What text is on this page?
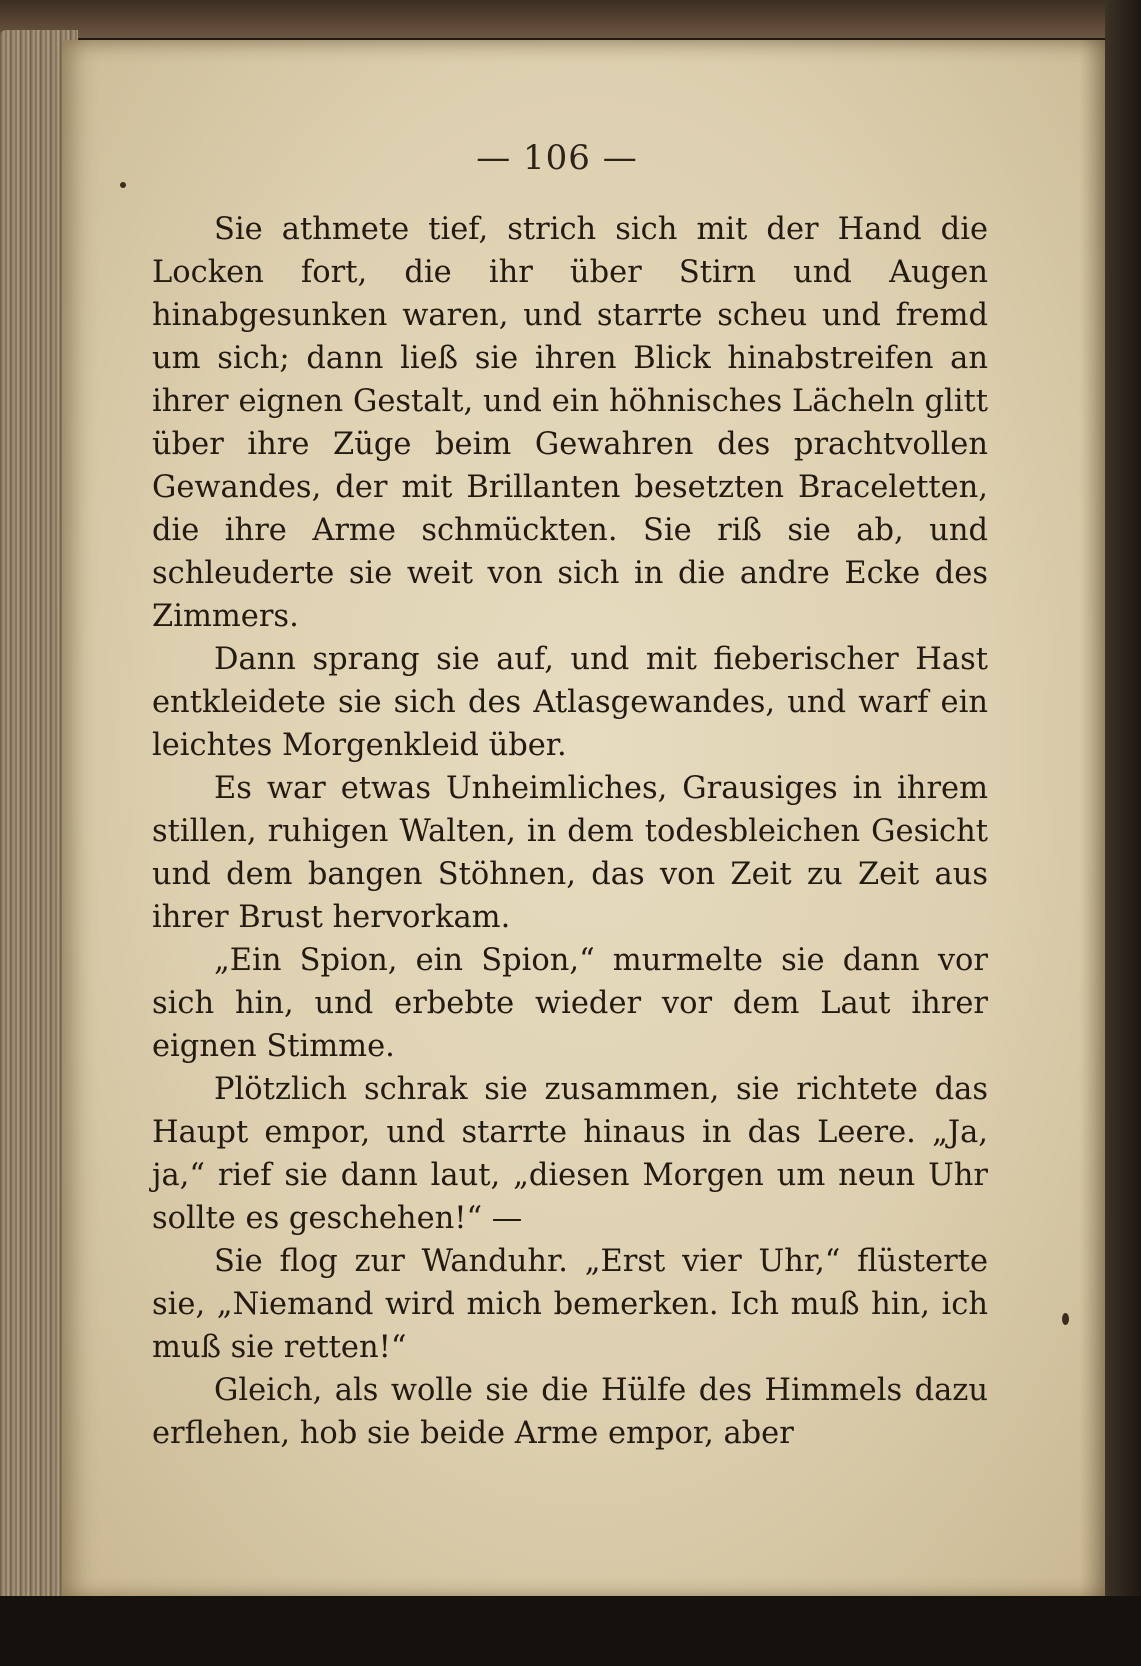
— 106 —

Sie athmete tief, strich sich mit der Hand die Locken fort, die ihr über Stirn und Augen hinabgesunken waren, und starrte scheu und fremd um sich; dann ließ sie ihren Blick hinabstreifen an ihrer eignen Gestalt, und ein höhnisches Lächeln glitt über ihre Züge beim Gewahren des prachtvollen Gewandes, der mit Brillanten besetzten Braceletten, die ihre Arme schmückten. Sie riß sie ab, und schleuderte sie weit von sich in die andre Ecke des Zimmers.

Dann sprang sie auf, und mit fieberischer Hast entkleidete sie sich des Atlasgewandes, und warf ein leichtes Morgenkleid über.

Es war etwas Unheimliches, Grausiges in ihrem stillen, ruhigen Walten, in dem todesbleichen Gesicht und dem bangen Stöhnen, das von Zeit zu Zeit aus ihrer Brust hervorkam.

„Ein Spion, ein Spion,“ murmelte sie dann vor sich hin, und erbebte wieder vor dem Laut ihrer eignen Stimme.

Plötzlich schrak sie zusammen, sie richtete das Haupt empor, und starrte hinaus in das Leere. „Ja, ja,“ rief sie dann laut, „diesen Morgen um neun Uhr sollte es geschehen!“ —

Sie flog zur Wanduhr. „Erst vier Uhr,“ flüsterte sie, „Niemand wird mich bemerken. Ich muß hin, ich muß sie retten!“

Gleich, als wolle sie die Hülfe des Himmels dazu erflehen, hob sie beide Arme empor, aber
